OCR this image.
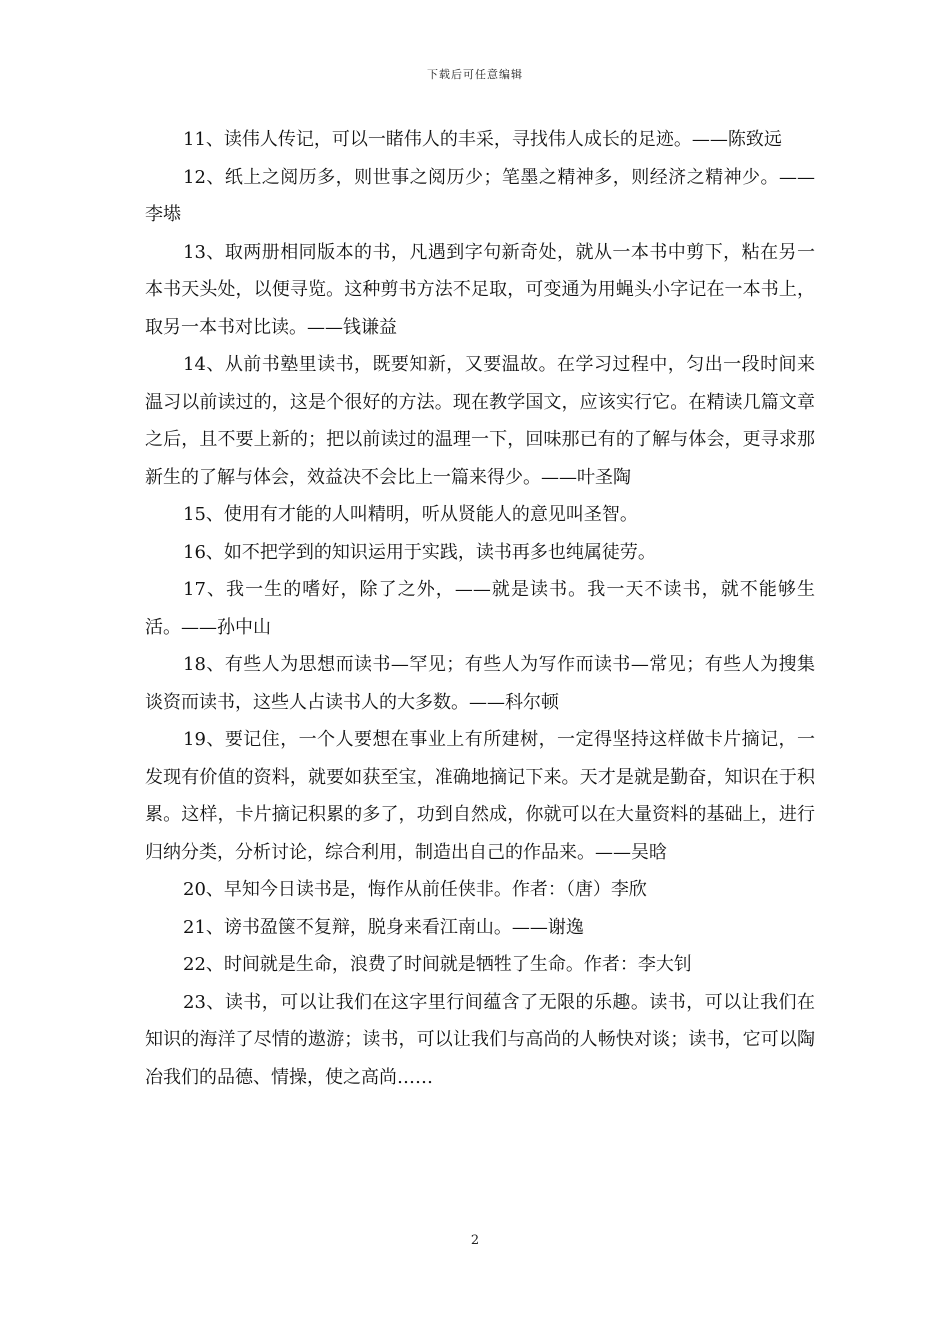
下载后可任意编辑

11、读伟人传记，可以一睹伟人的丰采，寻找伟人成长的足迹。——陈致远

12、纸上之阅历多，则世事之阅历少；笔墨之精神多，则经济之精神少。——李塨

13、取两册相同版本的书，凡遇到字句新奇处，就从一本书中剪下，粘在另一本书天头处，以便寻览。这种剪书方法不足取，可变通为用蝇头小字记在一本书上，取另一本书对比读。——钱谦益

14、从前书塾里读书，既要知新，又要温故。在学习过程中，匀出一段时间来温习以前读过的，这是个很好的方法。现在教学国文，应该实行它。在精读几篇文章之后，且不要上新的；把以前读过的温理一下，回味那已有的了解与体会，更寻求那新生的了解与体会，效益决不会比上一篇来得少。——叶圣陶

15、使用有才能的人叫精明，听从贤能人的意见叫圣智。

16、如不把学到的知识运用于实践，读书再多也纯属徒劳。

17、我一生的嗜好，除了之外，——就是读书。我一天不读书，就不能够生活。——孙中山

18、有些人为思想而读书—罕见；有些人为写作而读书—常见；有些人为搜集谈资而读书，这些人占读书人的大多数。——科尔顿

19、要记住，一个人要想在事业上有所建树，一定得坚持这样做卡片摘记，一发现有价值的资料，就要如获至宝，准确地摘记下来。天才是就是勤奋，知识在于积累。这样，卡片摘记积累的多了，功到自然成，你就可以在大量资料的基础上，进行归纳分类，分析讨论，综合利用，制造出自己的作品来。——吴晗

20、早知今日读书是，悔作从前任侠非。作者：（唐）李欣

21、谤书盈箧不复辩，脱身来看江南山。——谢逸

22、时间就是生命，浪费了时间就是牺牲了生命。作者：李大钊

23、读书，可以让我们在这字里行间蕴含了无限的乐趣。读书，可以让我们在知识的海洋了尽情的遨游；读书，可以让我们与高尚的人畅快对谈；读书，它可以陶冶我们的品德、情操，使之高尚……

2
